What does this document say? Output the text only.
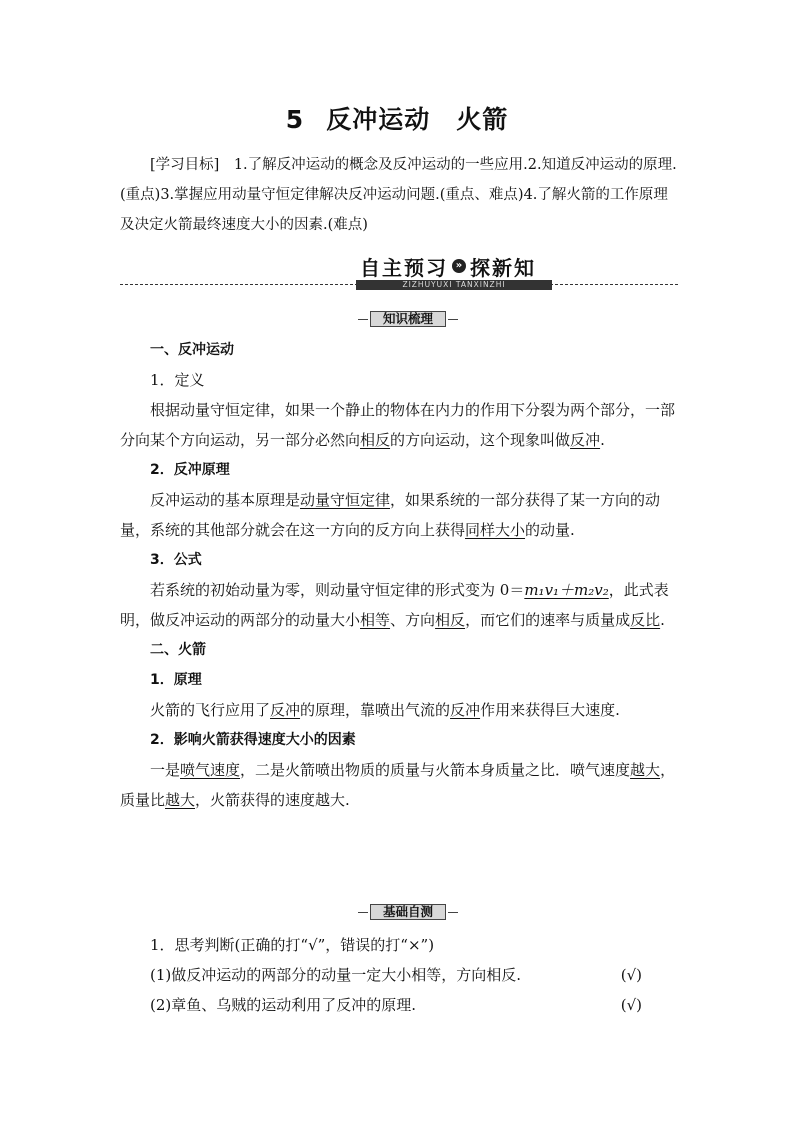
5 反冲运动 火箭
[学习目标]　 1.了解反冲运动的概念及反冲运动的一些应用.2.知道反冲运动的原理.(重点)3.掌握应用动量守恒定律解决反冲运动问题.(重点、难点)4.了解火箭的工作原理及决定火箭最终速度大小的因素.(难点)
自主预习 » 探新知
ZIZHUYUXI TANXINZHI
知识梳理

一、反冲运动

1．定义

根据动量守恒定律，如果一个静止的物体在内力的作用下分裂为两个部分，一部分向某个方向运动，另一部分必然向相反的方向运动，这个现象叫做反冲.

2．反冲原理

反冲运动的基本原理是动量守恒定律，如果系统的一部分获得了某一方向的动量，系统的其他部分就会在这一方向的反方向上获得同样大小的动量.

3．公式

若系统的初始动量为零，则动量守恒定律的形式变为 0＝m₁v₁＋m₂v₂，此式表明，做反冲运动的两部分的动量大小相等、方向相反，而它们的速率与质量成反比.

二、火箭

1．原理

火箭的飞行应用了反冲的原理，靠喷出气流的反冲作用来获得巨大速度.

2．影响火箭获得速度大小的因素

一是喷气速度，二是火箭喷出物质的质量与火箭本身质量之比．喷气速度越大，质量比越大，火箭获得的速度越大.

基础自测

1．思考判断(正确的打“√”，错误的打“×”)

(1)做反冲运动的两部分的动量一定大小相等，方向相反.	(√)

(2)章鱼、乌贼的运动利用了反冲的原理.	(√)
